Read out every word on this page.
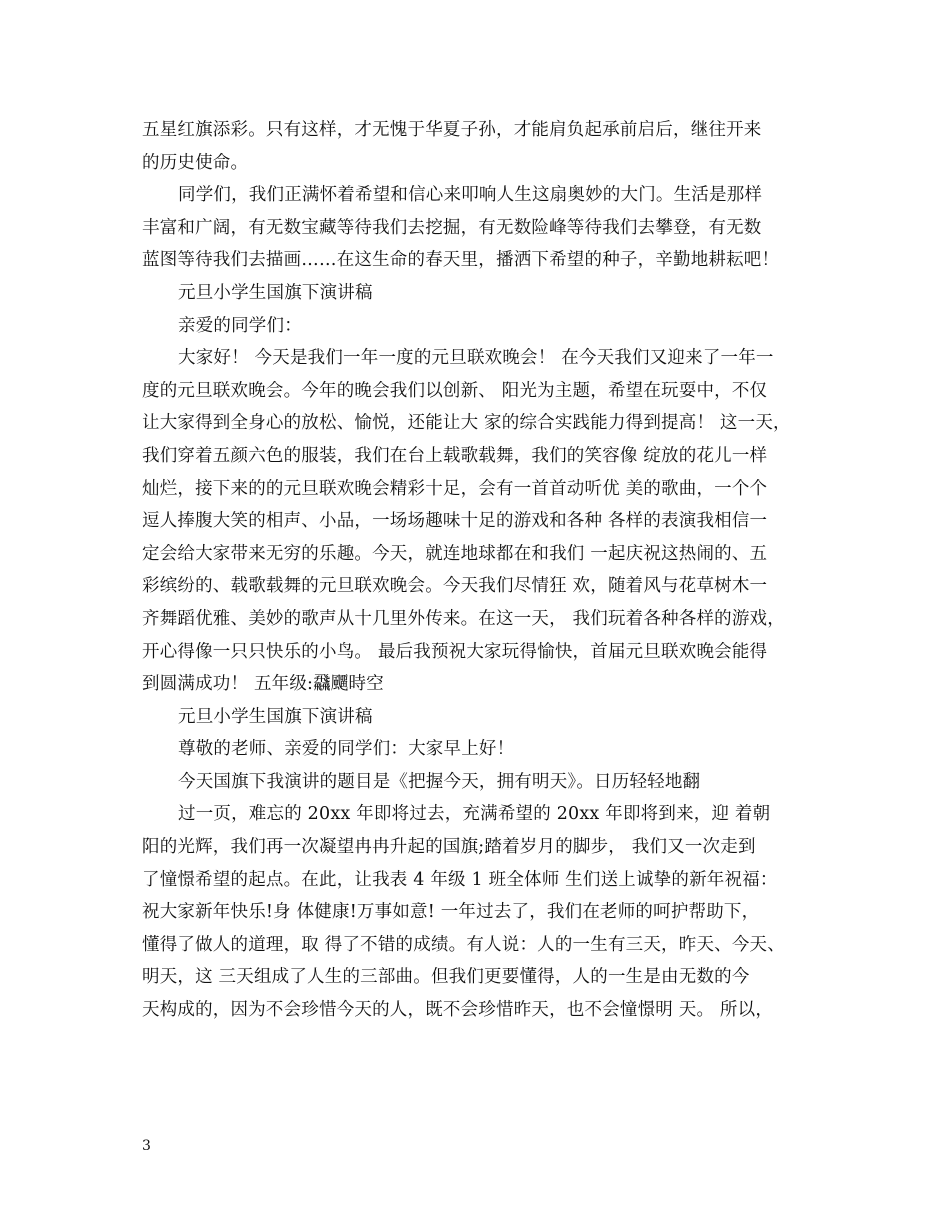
五星红旗添彩。只有这样，才无愧于华夏子孙，才能肩负起承前启后，继往开来
的历史使命。
同学们，我们正满怀着希望和信心来叩响人生这扇奥妙的大门。生活是那样
丰富和广阔，有无数宝藏等待我们去挖掘，有无数险峰等待我们去攀登，有无数
蓝图等待我们去描画……在这生命的春天里，播洒下希望的种子，辛勤地耕耘吧！
元旦小学生国旗下演讲稿
亲爱的同学们：
大家好！ 今天是我们一年一度的元旦联欢晚会！ 在今天我们又迎来了一年一
度的元旦联欢晚会。今年的晚会我们以创新、 阳光为主题，希望在玩耍中，不仅
让大家得到全身心的放松、愉悦，还能让大 家的综合实践能力得到提高！ 这一天，
我们穿着五颜六色的服装，我们在台上载歌载舞，我们的笑容像 绽放的花儿一样
灿烂，接下来的的元旦联欢晚会精彩十足，会有一首首动听优 美的歌曲，一个个
逗人捧腹大笑的相声、小品，一场场趣味十足的游戏和各种 各样的表演我相信一
定会给大家带来无穷的乐趣。今天，就连地球都在和我们 一起庆祝这热闹的、五
彩缤纷的、载歌载舞的元旦联欢晚会。今天我们尽情狂 欢，随着风与花草树木一
齐舞蹈优雅、美妙的歌声从十几里外传来。在这一天， 我们玩着各种各样的游戏，
开心得像一只只快乐的小鸟。 最后我预祝大家玩得愉快，首届元旦联欢晚会能得
到圆满成功！ 五年级:飝飅時空
元旦小学生国旗下演讲稿
尊敬的老师、亲爱的同学们：大家早上好！
今天国旗下我演讲的题目是《把握今天，拥有明天》。日历轻轻地翻
过一页，难忘的 20xx 年即将过去，充满希望的 20xx 年即将到来，迎 着朝
阳的光辉，我们再一次凝望冉冉升起的国旗;踏着岁月的脚步， 我们又一次走到
了憧憬希望的起点。在此，让我表 4 年级 1 班全体师 生们送上诚挚的新年祝福：
祝大家新年快乐!身 体健康!万事如意! 一年过去了，我们在老师的呵护帮助下，
懂得了做人的道理，取 得了不错的成绩。有人说：人的一生有三天，昨天、今天、
明天，这 三天组成了人生的三部曲。但我们更要懂得，人的一生是由无数的今
天构成的，因为不会珍惜今天的人，既不会珍惜昨天，也不会憧憬明 天。 所以，
3
